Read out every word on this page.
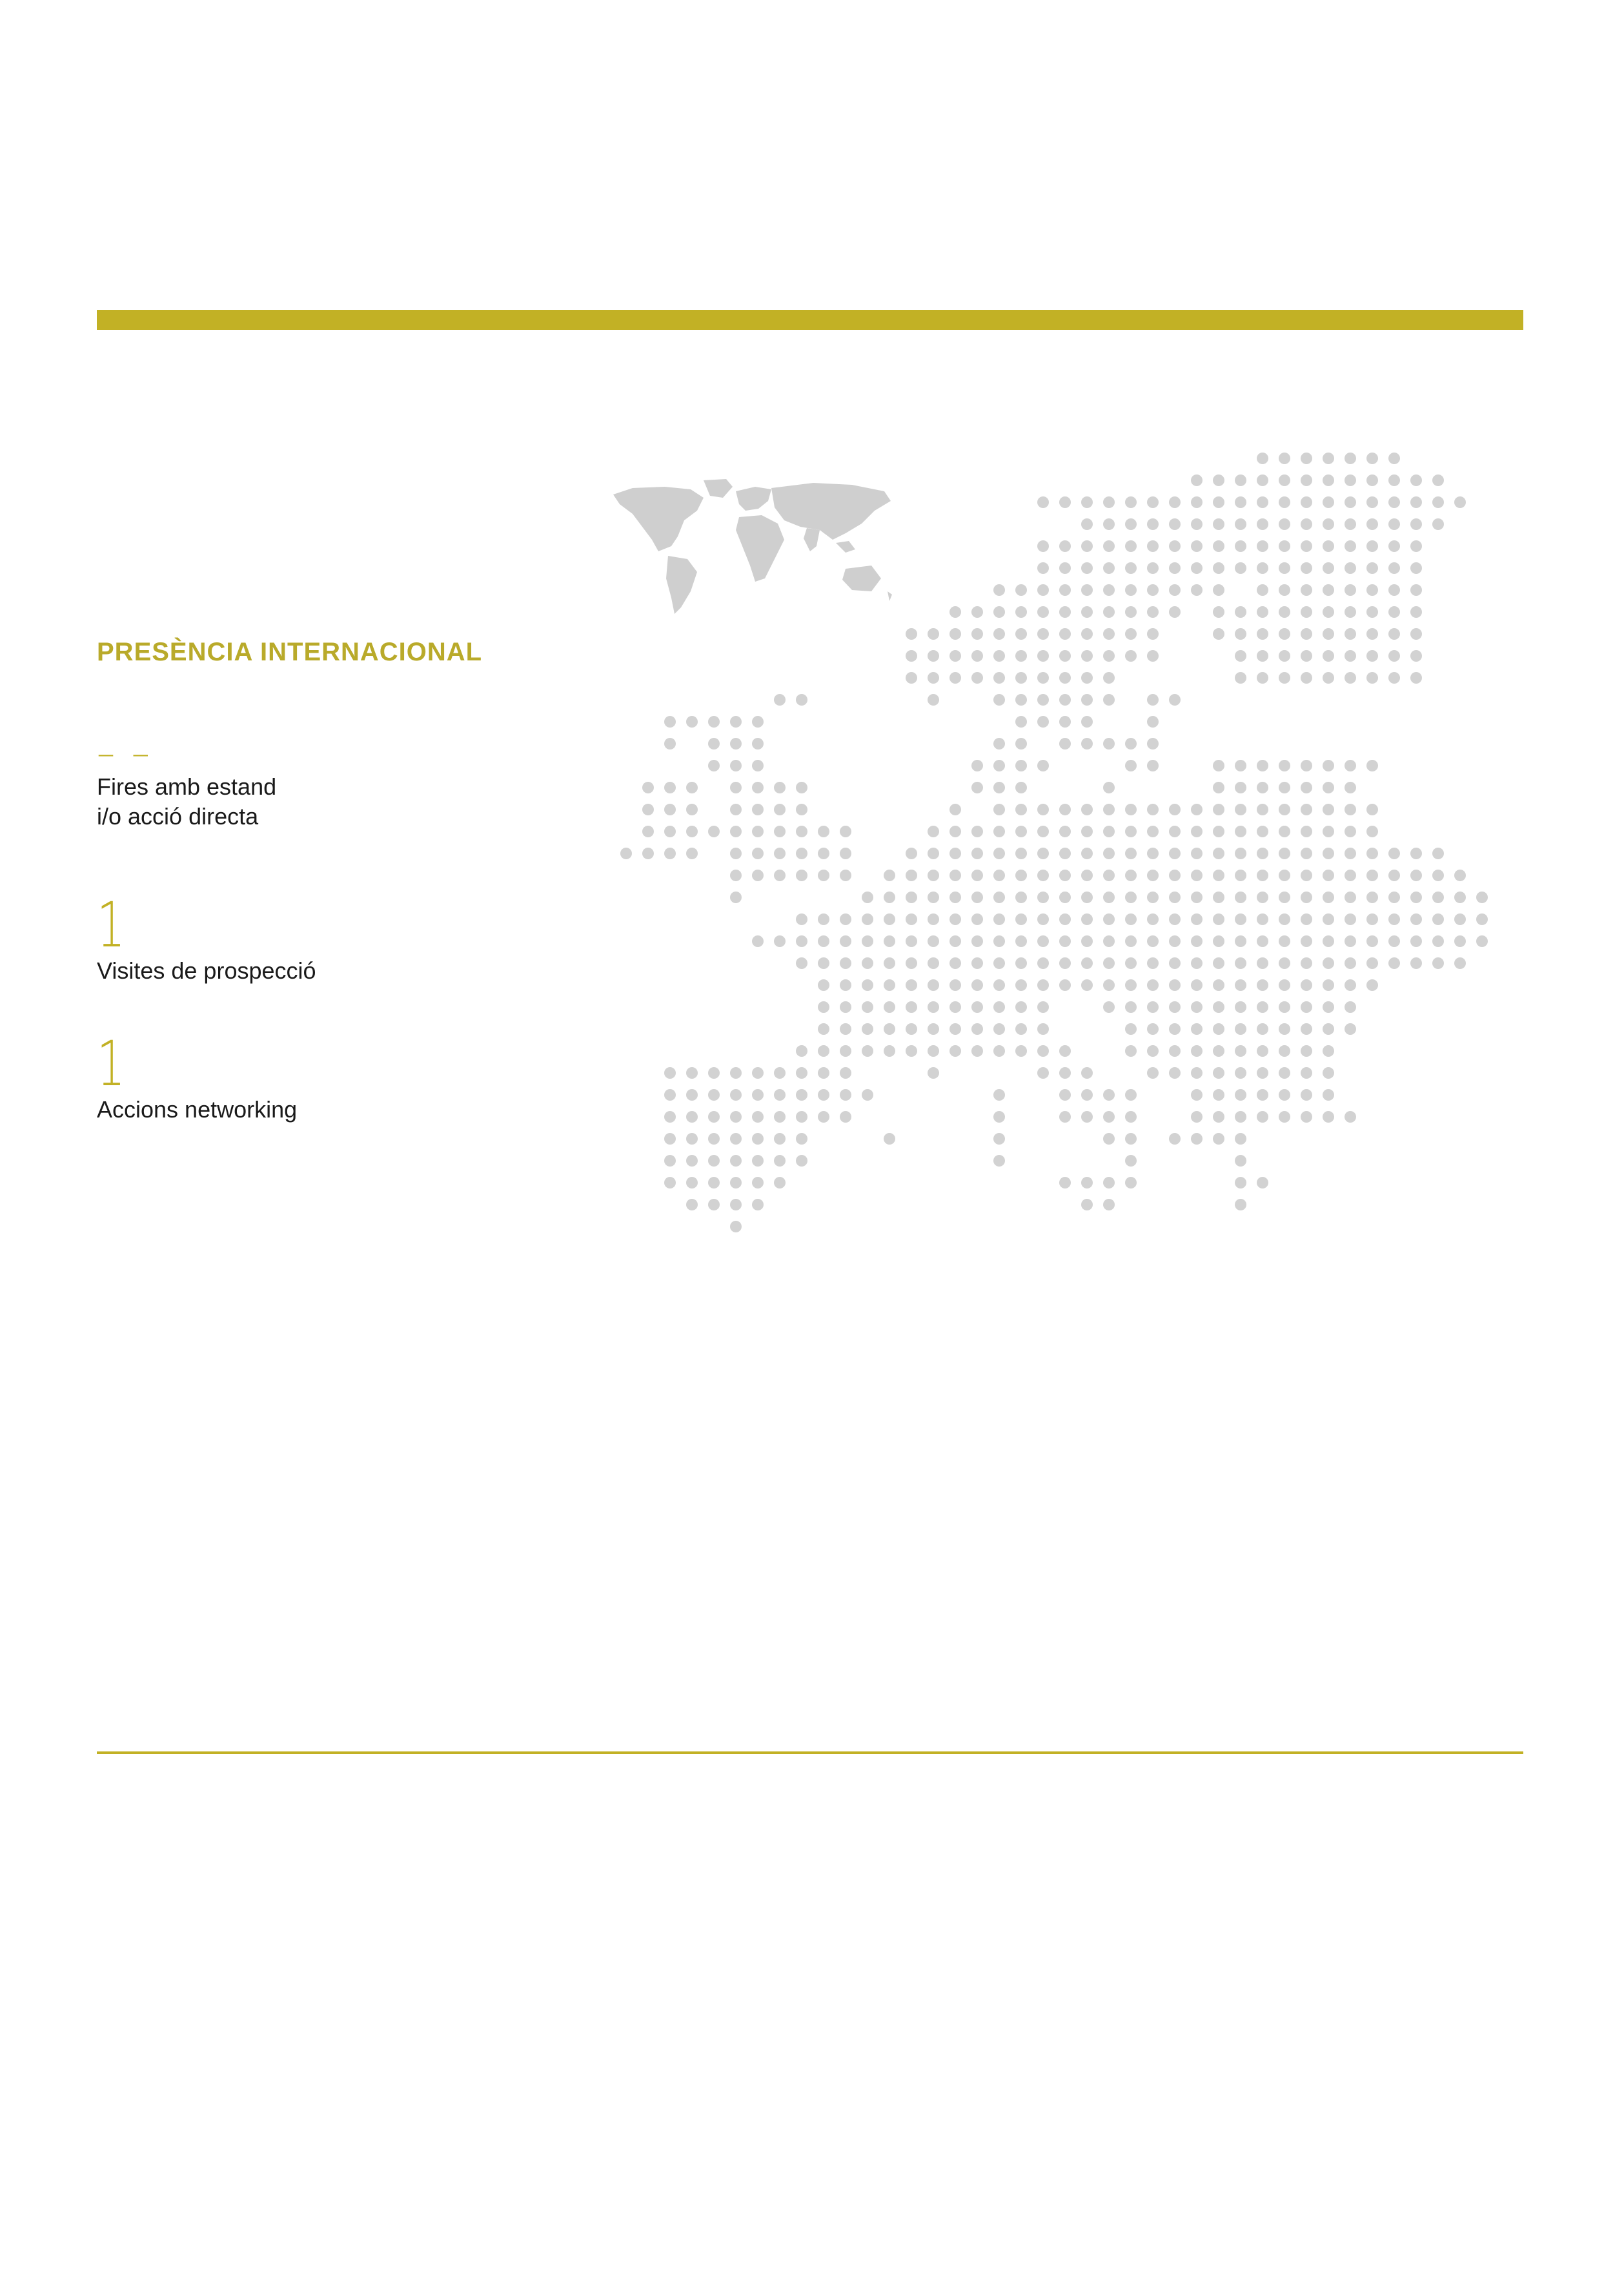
PRESÈNCIA INTERNACIONAL
– –
Fires amb estand
i/o acció directa
1
Visites de prospecció
1
Accions networking
